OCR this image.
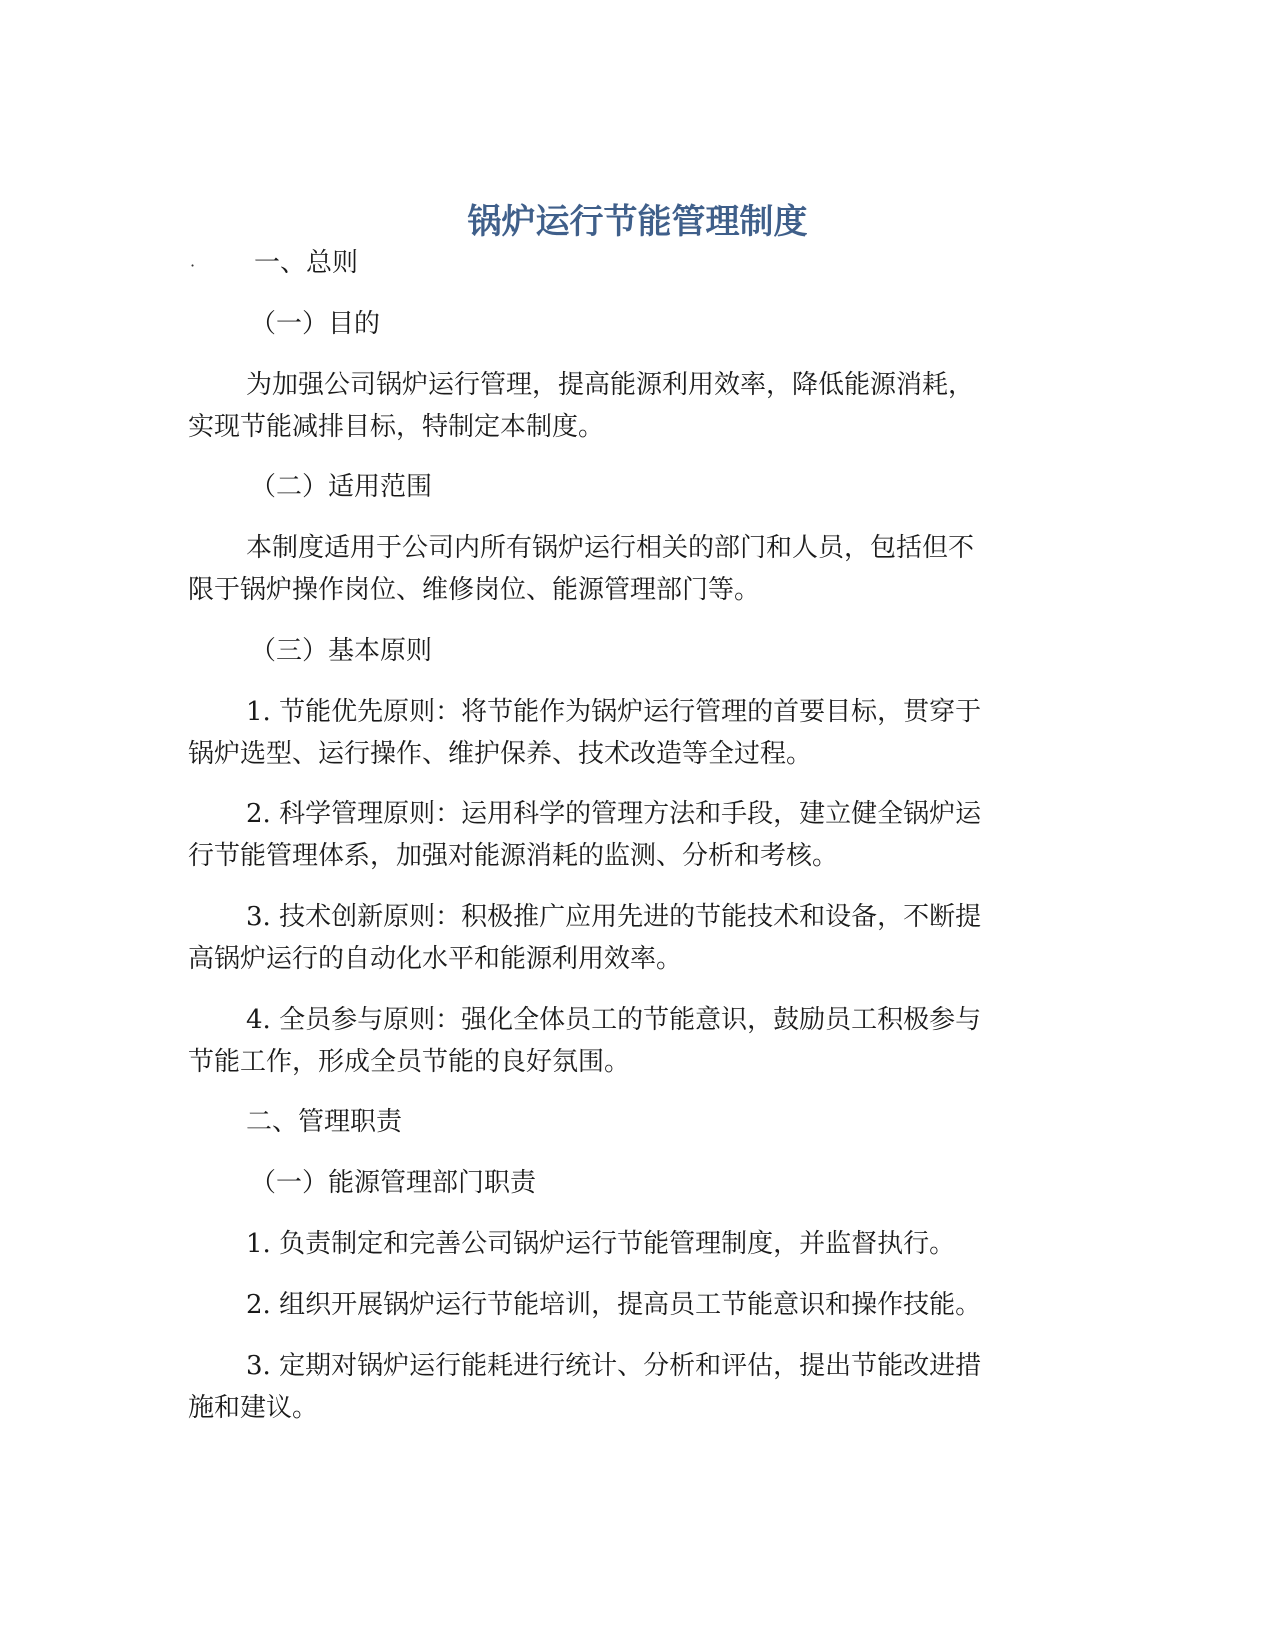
锅炉运行节能管理制度
· 一、总则
（一）目的
为加强公司锅炉运行管理，提高能源利用效率，降低能源消耗，
实现节能减排目标，特制定本制度。
（二）适用范围
本制度适用于公司内所有锅炉运行相关的部门和人员，包括但不
限于锅炉操作岗位、维修岗位、能源管理部门等。
（三）基本原则
1. 节能优先原则：将节能作为锅炉运行管理的首要目标，贯穿于
锅炉选型、运行操作、维护保养、技术改造等全过程。
2. 科学管理原则：运用科学的管理方法和手段，建立健全锅炉运
行节能管理体系，加强对能源消耗的监测、分析和考核。
3. 技术创新原则：积极推广应用先进的节能技术和设备，不断提
高锅炉运行的自动化水平和能源利用效率。
4. 全员参与原则：强化全体员工的节能意识，鼓励员工积极参与
节能工作，形成全员节能的良好氛围。
二、管理职责
（一）能源管理部门职责
1. 负责制定和完善公司锅炉运行节能管理制度，并监督执行。
2. 组织开展锅炉运行节能培训，提高员工节能意识和操作技能。
3. 定期对锅炉运行能耗进行统计、分析和评估，提出节能改进措
施和建议。
